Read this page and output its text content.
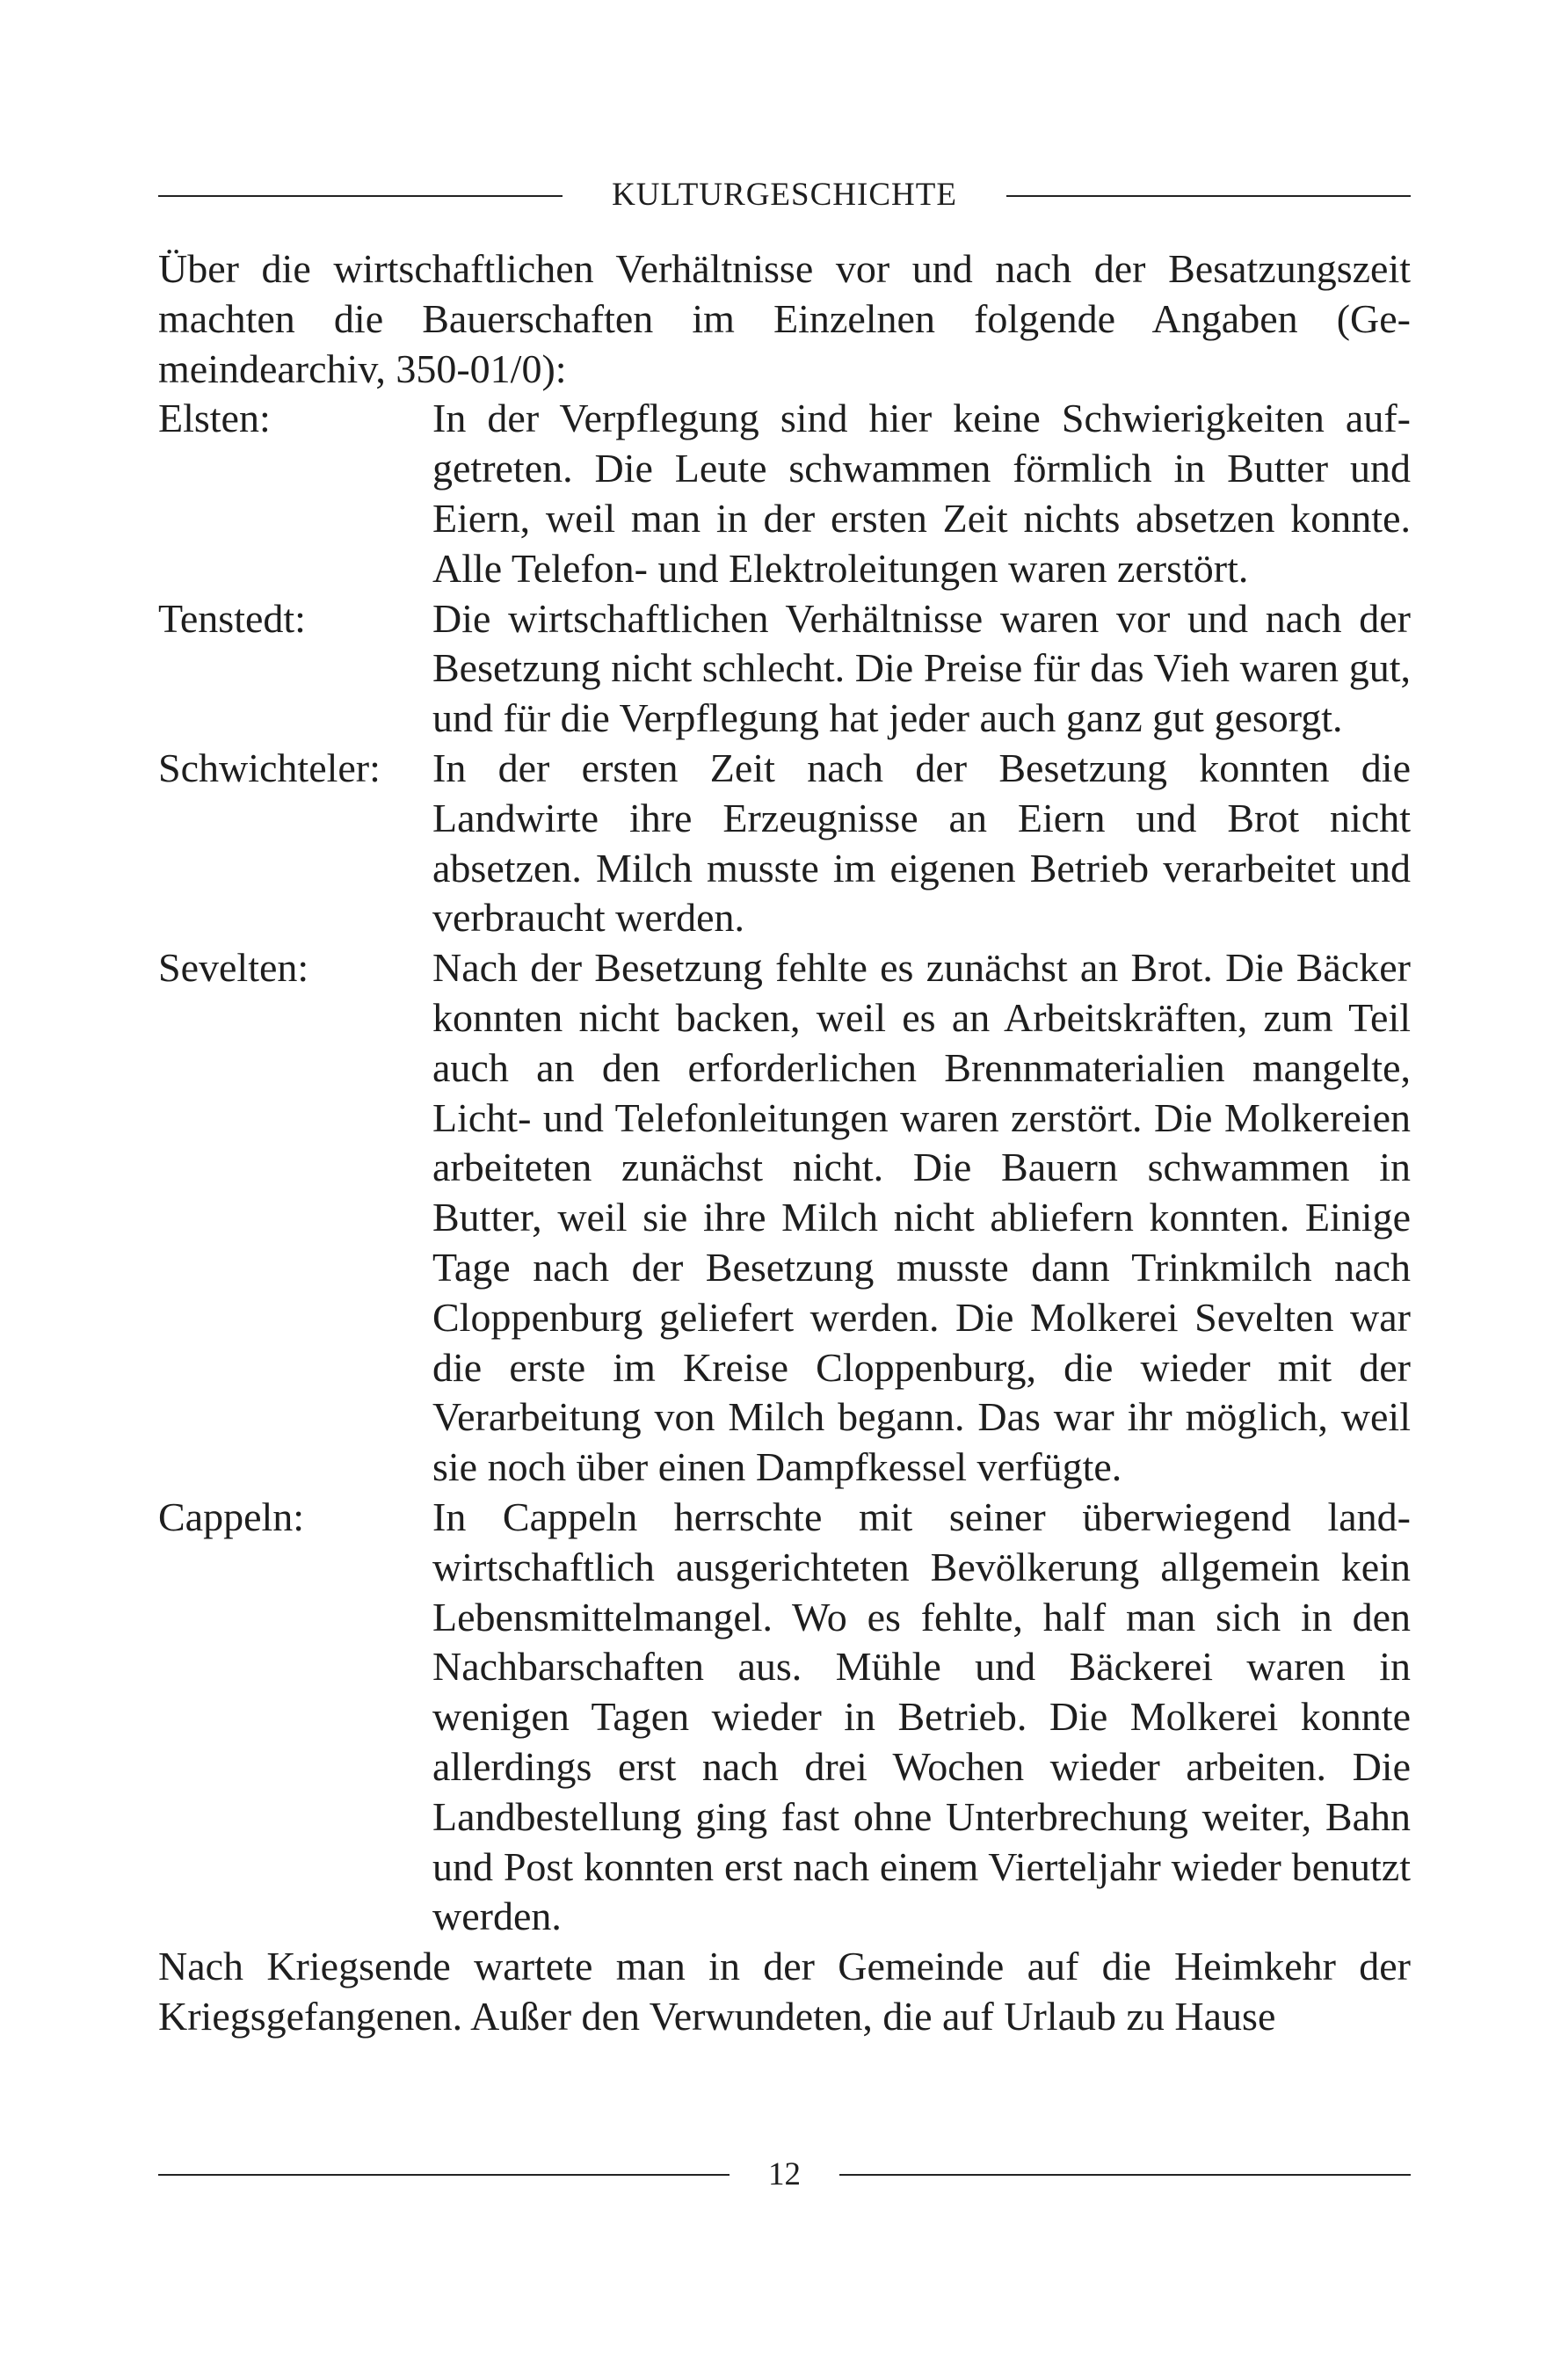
KULTURGESCHICHTE

Über die wirtschaftlichen Verhältnisse vor und nach der Besatzungszeit machten die Bauerschaften im Einzelnen folgende Angaben (Gemeindearchiv, 350-01/0):

Elsten:	In der Verpflegung sind hier keine Schwierigkeiten aufgetreten. Die Leute schwammen förmlich in Butter und Eiern, weil man in der ersten Zeit nichts absetzen konnte. Alle Telefon- und Elektroleitungen waren zerstört.
Tenstedt:	Die wirtschaftlichen Verhältnisse waren vor und nach der Besetzung nicht schlecht. Die Preise für das Vieh waren gut, und für die Verpflegung hat jeder auch ganz gut gesorgt.
Schwichteler:	In der ersten Zeit nach der Besetzung konnten die Landwirte ihre Erzeugnisse an Eiern und Brot nicht absetzen. Milch musste im eigenen Betrieb verarbeitet und verbraucht werden.
Sevelten:	Nach der Besetzung fehlte es zunächst an Brot. Die Bäcker konnten nicht backen, weil es an Arbeitskräften, zum Teil auch an den erforderlichen Brennmaterialien mangelte, Licht- und Telefonleitungen waren zerstört. Die Molkereien arbeiteten zunächst nicht. Die Bauern schwammen in Butter, weil sie ihre Milch nicht abliefern konnten. Einige Tage nach der Besetzung musste dann Trinkmilch nach Cloppenburg geliefert werden. Die Molkerei Sevelten war die erste im Kreise Cloppenburg, die wieder mit der Verarbeitung von Milch begann. Das war ihr möglich, weil sie noch über einen Dampfkessel verfügte.
Cappeln:	In Cappeln herrschte mit seiner überwiegend landwirtschaftlich ausgerichteten Bevölkerung allgemein kein Lebensmittelmangel. Wo es fehlte, half man sich in den Nachbarschaften aus. Mühle und Bäckerei waren in wenigen Tagen wieder in Betrieb. Die Molkerei konnte allerdings erst nach drei Wochen wieder arbeiten. Die Landbestellung ging fast ohne Unterbrechung weiter, Bahn und Post konnten erst nach einem Vierteljahr wieder benutzt werden.

Nach Kriegsende wartete man in der Gemeinde auf die Heimkehr der Kriegsgefangenen. Außer den Verwundeten, die auf Urlaub zu Hause

12
